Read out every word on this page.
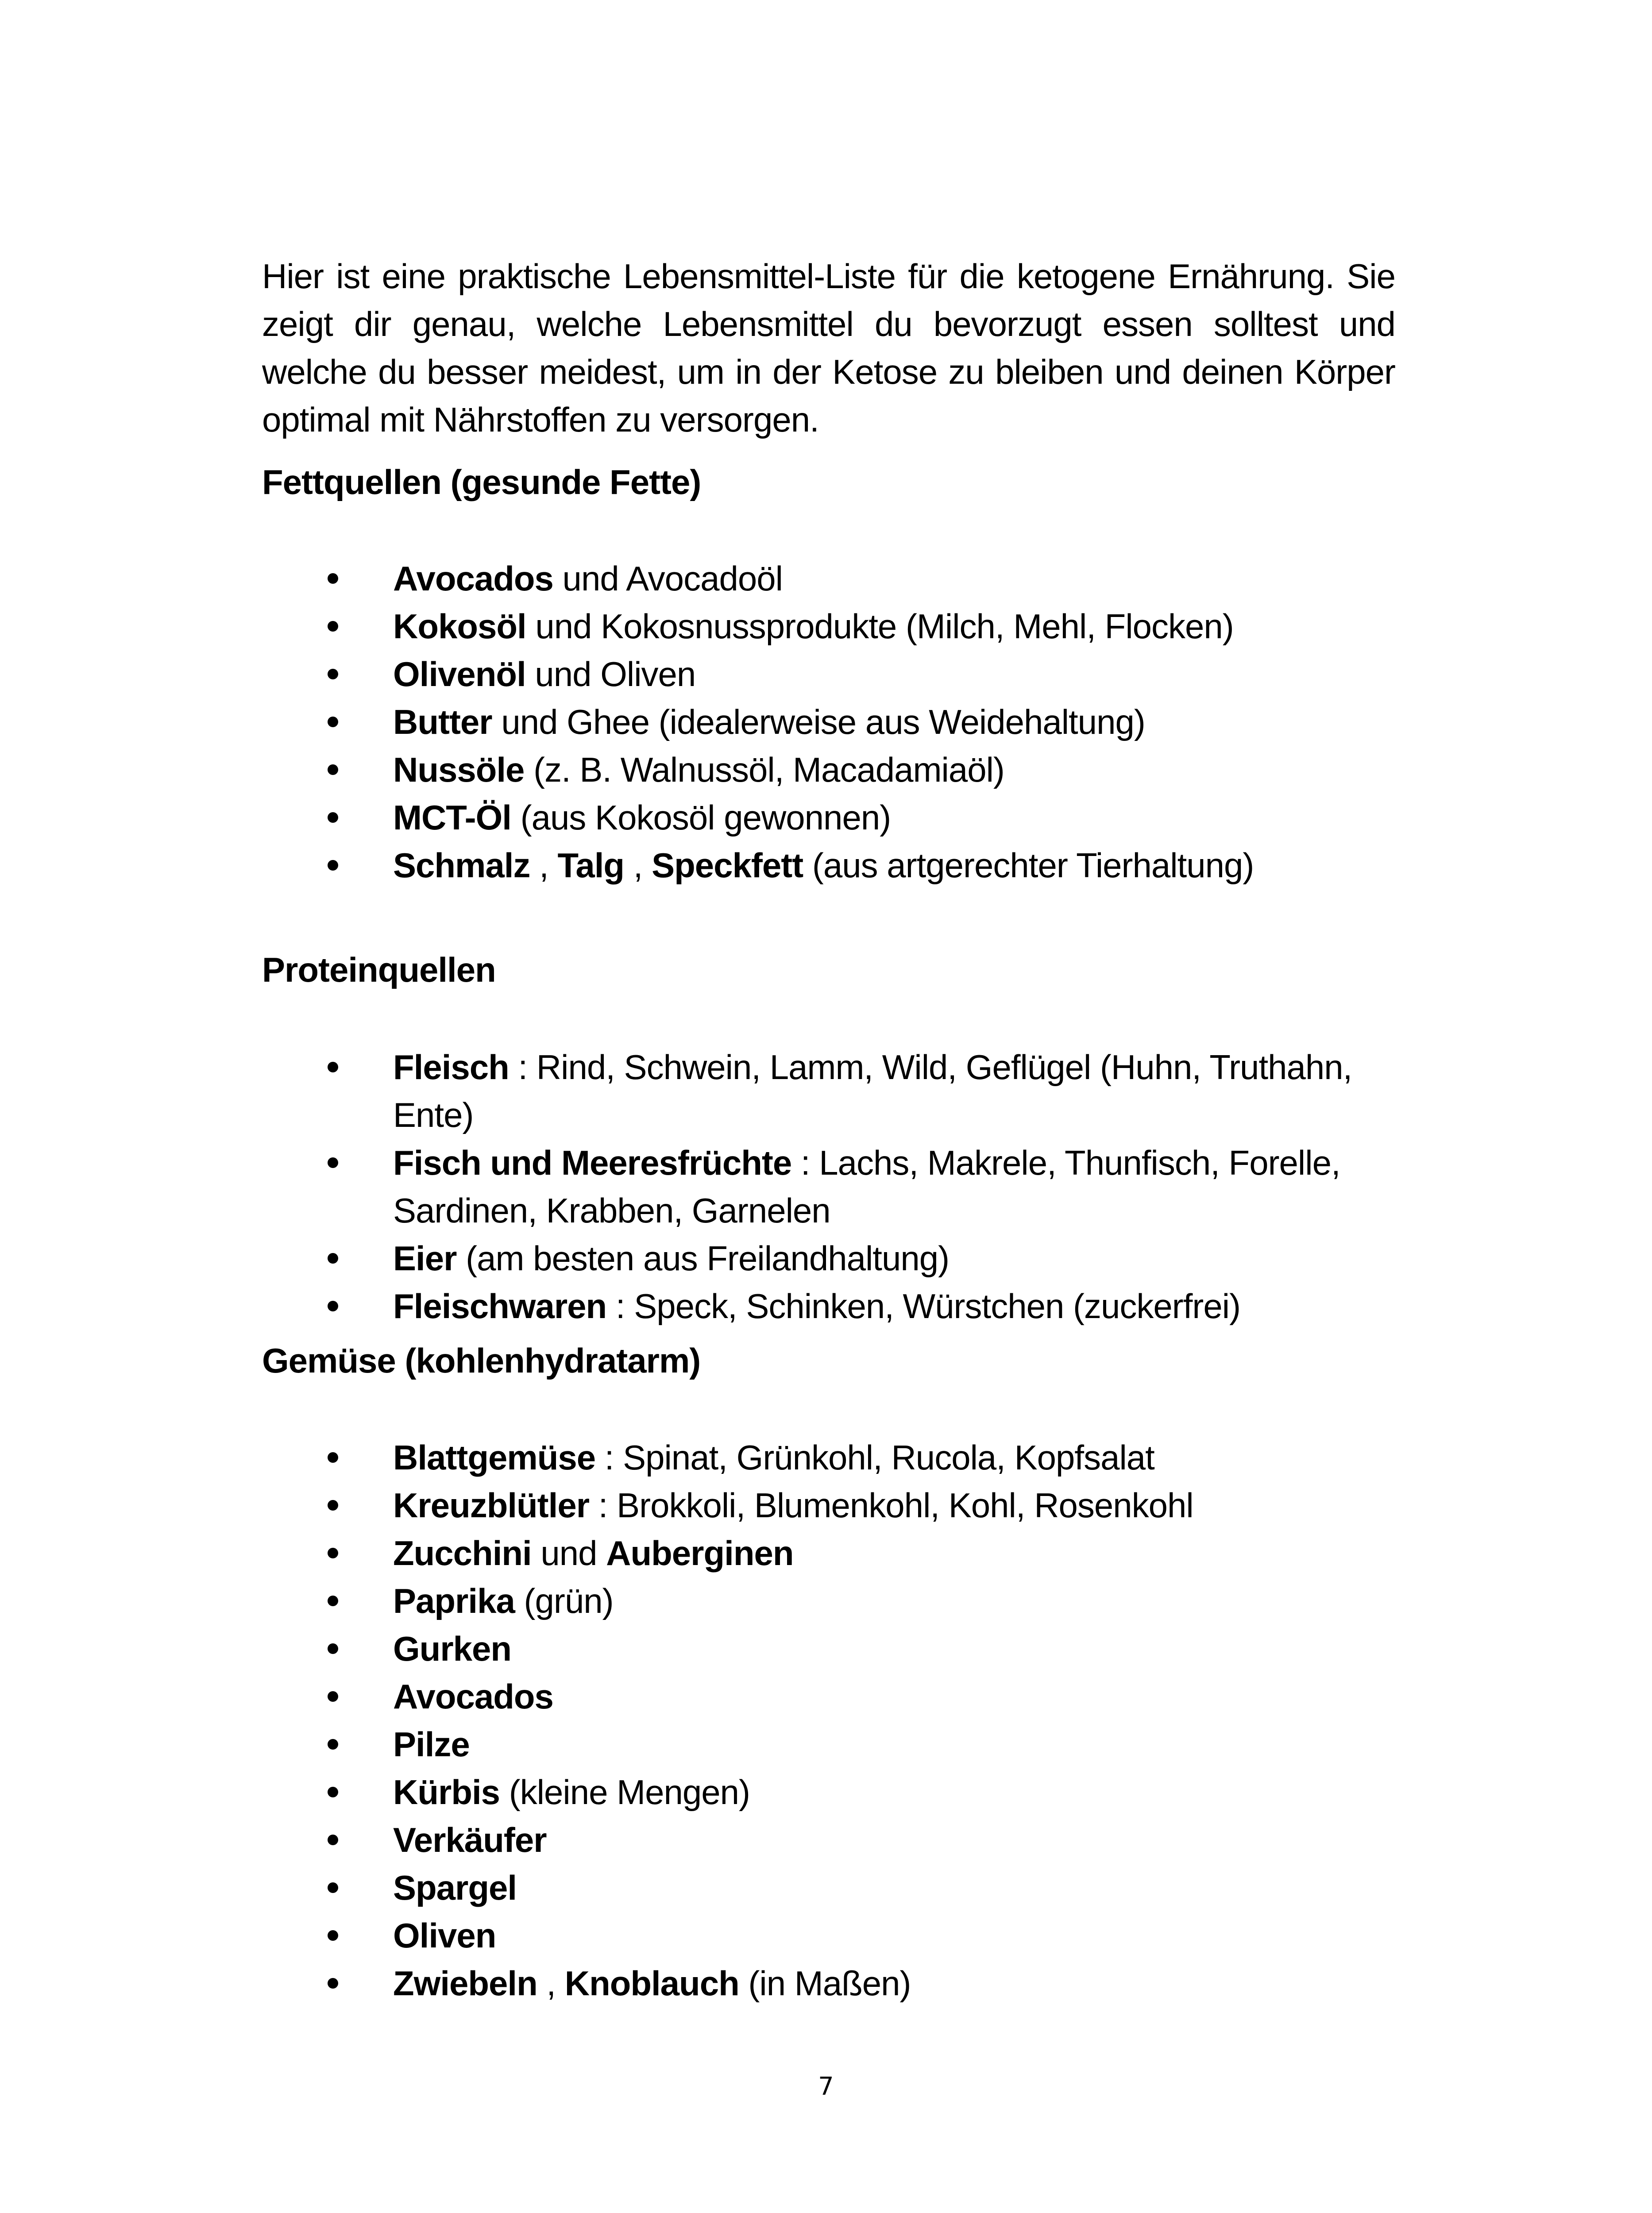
Hier ist eine praktische Lebensmittel-Liste für die ketogene Ernährung. Sie zeigt dir genau, welche Lebensmittel du bevorzugt essen solltest und welche du besser meidest, um in der Ketose zu bleiben und deinen Körper optimal mit Nährstoffen zu versorgen.

Fettquellen (gesunde Fette)
Avocados und Avocadoöl
Kokosöl und Kokosnussprodukte (Milch, Mehl, Flocken)
Olivenöl und Oliven
Butter und Ghee (idealerweise aus Weidehaltung)
Nussöle (z. B. Walnussöl, Macadamiaöl)
MCT-Öl (aus Kokosöl gewonnen)
Schmalz , Talg , Speckfett (aus artgerechter Tierhaltung)
Proteinquellen
Fleisch : Rind, Schwein, Lamm, Wild, Geflügel (Huhn, Truthahn, Ente)
Fisch und Meeresfrüchte : Lachs, Makrele, Thunfisch, Forelle, Sardinen, Krabben, Garnelen
Eier (am besten aus Freilandhaltung)
Fleischwaren : Speck, Schinken, Würstchen (zuckerfrei)
Gemüse (kohlenhydratarm)
Blattgemüse : Spinat, Grünkohl, Rucola, Kopfsalat
Kreuzblütler : Brokkoli, Blumenkohl, Kohl, Rosenkohl
Zucchini und Auberginen
Paprika (grün)
Gurken
Avocados
Pilze
Kürbis (kleine Mengen)
Verkäufer
Spargel
Oliven
Zwiebeln , Knoblauch (in Maßen)
7
